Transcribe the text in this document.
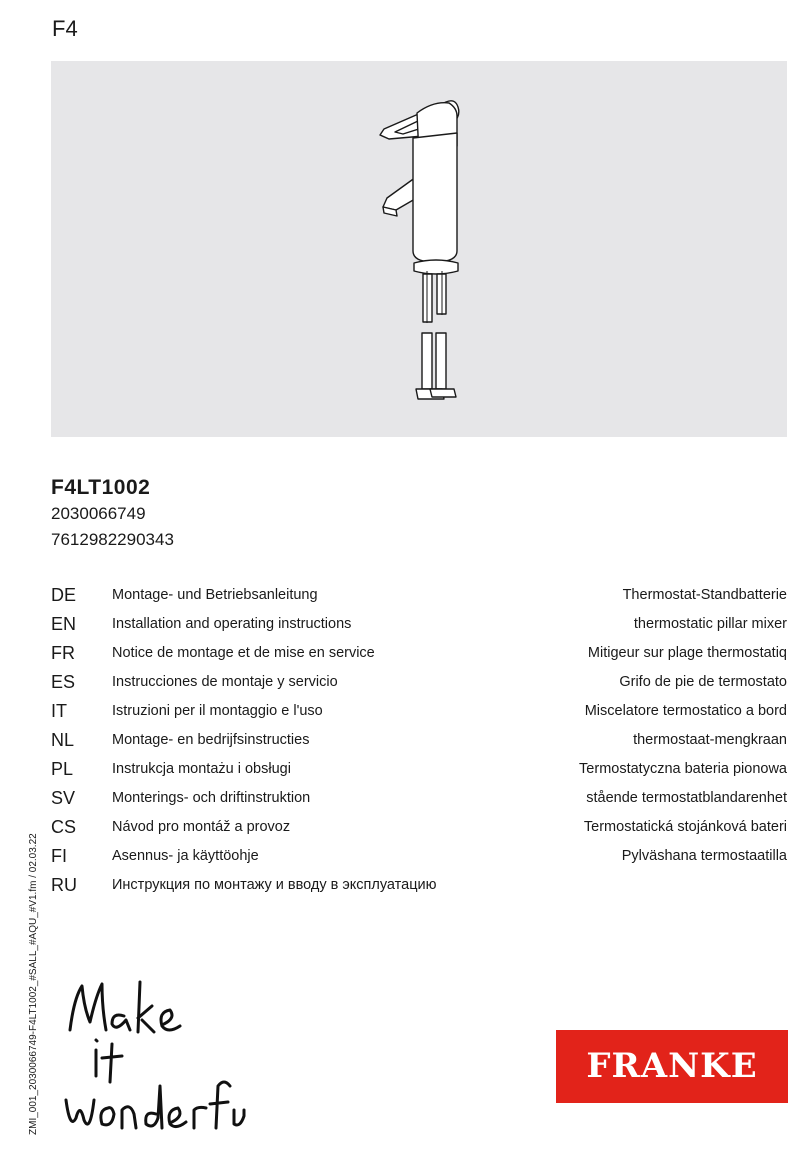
F4
F4LT1002
2030066749
7612982290343
DE Montage- und Betriebsanleitung	Thermostat-Standbatterie
EN Installation and operating instructions	thermostatic pillar mixer
FR	Notice de montage et de mise en service	Mitigeur sur plage thermostatiq
ES	Instrucciones de montaje y servicio	Grifo de pie de termostato
IT	Istruzioni per il montaggio e l'uso	Miscelatore termostatico a bord
NL	Montage- en bedrijfsinstructies	thermostaat-mengkraan
PL	Instrukcja montażu i obsługi	Termostatyczna bateria pionowa
SV	Monterings- och driftinstruktion	stående termostatblandarenhet
CS Návod pro montáž a provoz	Termostatická stojánková bateri
FI	Asennus- ja käyttöohje	Pylväshana termostaatilla
RU Инструкция по монтажу и вводу в эксплуатацию
ZMI_001_2030066749-F4LT1002_#SALL_#AQU_#V1.fm / 02.03.22	FRANKE
